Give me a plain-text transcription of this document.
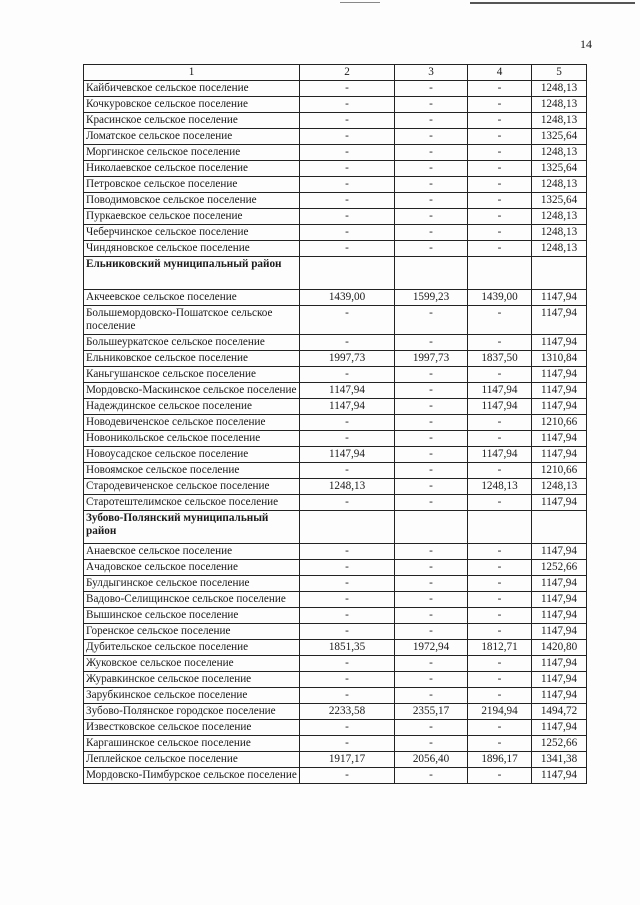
14
1	2	3	4	5
Кайбичевское сельское поселение	-	-	-	1248,13
Кочкуровское сельское поселение	-	-	-	1248,13
Красинское сельское поселение	-	-	-	1248,13
Ломатское сельское поселение	-	-	-	1325,64
Моргинское сельское поселение	-	-	-	1248,13
Николаевское сельское поселение	-	-	-	1325,64
Петровское сельское поселение	-	-	-	1248,13
Поводимовское сельское поселение	-	-	-	1325,64
Пуркаевское сельское поселение	-	-	-	1248,13
Чеберчинское сельское поселение	-	-	-	1248,13
Чиндяновское сельское поселение	-	-	-	1248,13
Ельниковский муниципальный район				
Акчеевское сельское поселение	1439,00	1599,23	1439,00	1147,94
Большемордовско-Пошатское сельское поселение	-	-	-	1147,94
Большеуркатское сельское поселение	-	-	-	1147,94
Ельниковское сельское поселение	1997,73	1997,73	1837,50	1310,84
Каньгушанское сельское поселение	-	-	-	1147,94
Мордовско-Маскинское сельское поселение	1147,94	-	1147,94	1147,94
Надеждинское сельское поселение	1147,94	-	1147,94	1147,94
Новодевиченское сельское поселение	-	-	-	1210,66
Новоникольское сельское поселение	-	-	-	1147,94
Новоусадское сельское поселение	1147,94	-	1147,94	1147,94
Новоямское сельское поселение	-	-	-	1210,66
Стародевиченское сельское поселение	1248,13	-	1248,13	1248,13
Старотештелимское сельское поселение	-	-	-	1147,94
Зубово-Полянский муниципальный район				
Анаевское сельское поселение	-	-	-	1147,94
Ачадовское сельское поселение	-	-	-	1252,66
Булдыгинское сельское поселение	-	-	-	1147,94
Вадово-Селищинское сельское поселение	-	-	-	1147,94
Вышинское сельское поселение	-	-	-	1147,94
Горенское сельское поселение	-	-	-	1147,94
Дубительское сельское поселение	1851,35	1972,94	1812,71	1420,80
Жуковское сельское поселение	-	-	-	1147,94
Журавкинское сельское поселение	-	-	-	1147,94
Зарубкинское сельское поселение	-	-	-	1147,94
Зубово-Полянское городское поселение	2233,58	2355,17	2194,94	1494,72
Известковское сельское поселение	-	-	-	1147,94
Каргашинское сельское поселение	-	-	-	1252,66
Леплейское сельское поселение	1917,17	2056,40	1896,17	1341,38
Мордовско-Пимбурское сельское поселение	-	-	-	1147,94
